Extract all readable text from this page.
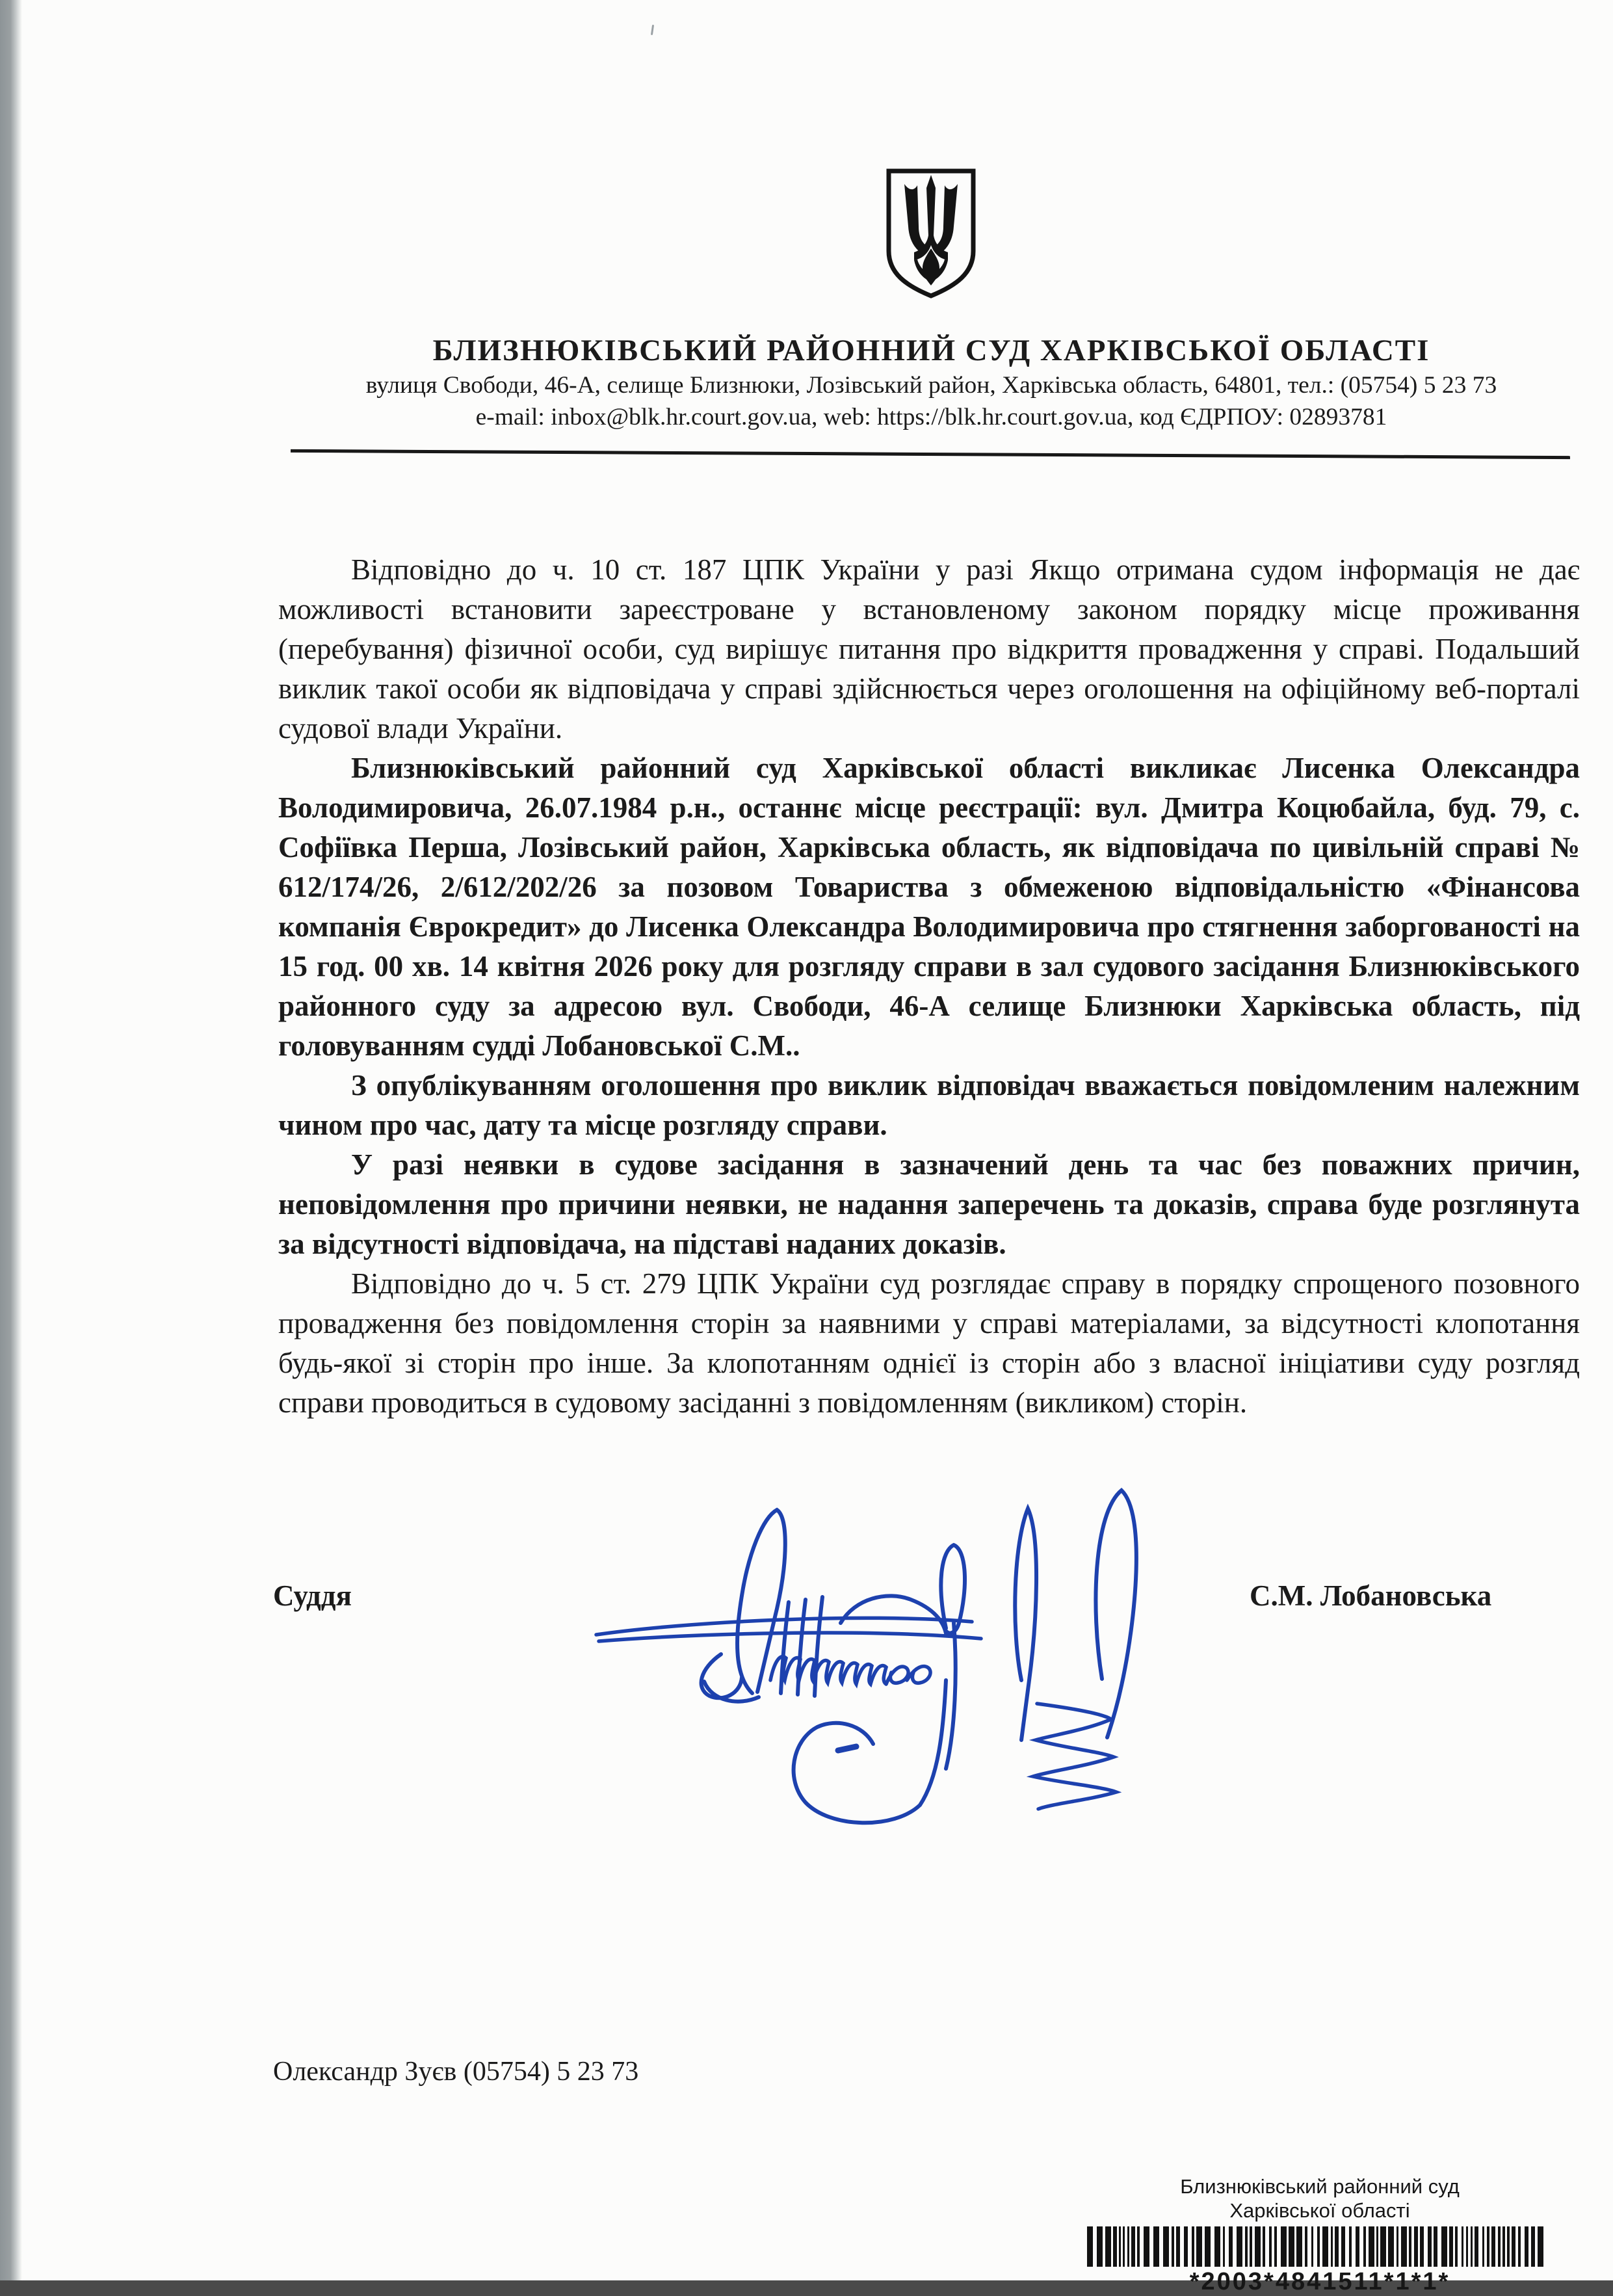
БЛИЗНЮКІВСЬКИЙ РАЙОННИЙ СУД ХАРКІВСЬКОЇ ОБЛАСТІ
вулиця Свободи, 46-А, селище Близнюки, Лозівський район, Харківська область, 64801, тел.: (05754) 5 23 73
e-mail: inbox@blk.hr.court.gov.ua, web: https://blk.hr.court.gov.ua, код ЄДРПОУ: 02893781

Відповідно до ч. 10 ст. 187 ЦПК України у разі Якщо отримана судом інформація не дає можливості встановити зареєстроване у встановленому законом порядку місце проживання (перебування) фізичної особи, суд вирішує питання про відкриття провадження у справі. Подальший виклик такої особи як відповідача у справі здійснюється через оголошення на офіційному веб-порталі судової влади України.

Близнюківський районний суд Харківської області викликає Лисенка Олександра Володимировича, 26.07.1984 р.н., останнє місце реєстрації: вул. Дмитра Коцюбайла, буд. 79, с. Софіївка Перша, Лозівський район, Харківська область, як відповідача по цивільній справі № 612/174/26, 2/612/202/26 за позовом Товариства з обмеженою відповідальністю «Фінансова компанія Єврокредит» до Лисенка Олександра Володимировича про стягнення заборгованості на 15 год. 00 хв. 14 квітня 2026 року для розгляду справи в зал судового засідання Близнюківського районного суду за адресою вул. Свободи, 46-А селище Близнюки Харківська область, під головуванням судді Лобановської С.М..

З опублікуванням оголошення про виклик відповідач вважається повідомленим належним чином про час, дату та місце розгляду справи.

У разі неявки в судове засідання в зазначений день та час без поважних причин, неповідомлення про причини неявки, не надання заперечень та доказів, справа буде розглянута за відсутності відповідача, на підставі наданих доказів.

Відповідно до ч. 5 ст. 279 ЦПК України суд розглядає справу в порядку спрощеного позовного провадження без повідомлення сторін за наявними у справі матеріалами, за відсутності клопотання будь-якої зі сторін про інше. За клопотанням однієї із сторін або з власної ініціативи суду розгляд справи проводиться в судовому засіданні з повідомленням (викликом) сторін.

Суддя	С.М. Лобановська
Олександр Зуєв (05754) 5 23 73
Близнюківський районний суд
Харківської області
*2003*4841511*1*1*
